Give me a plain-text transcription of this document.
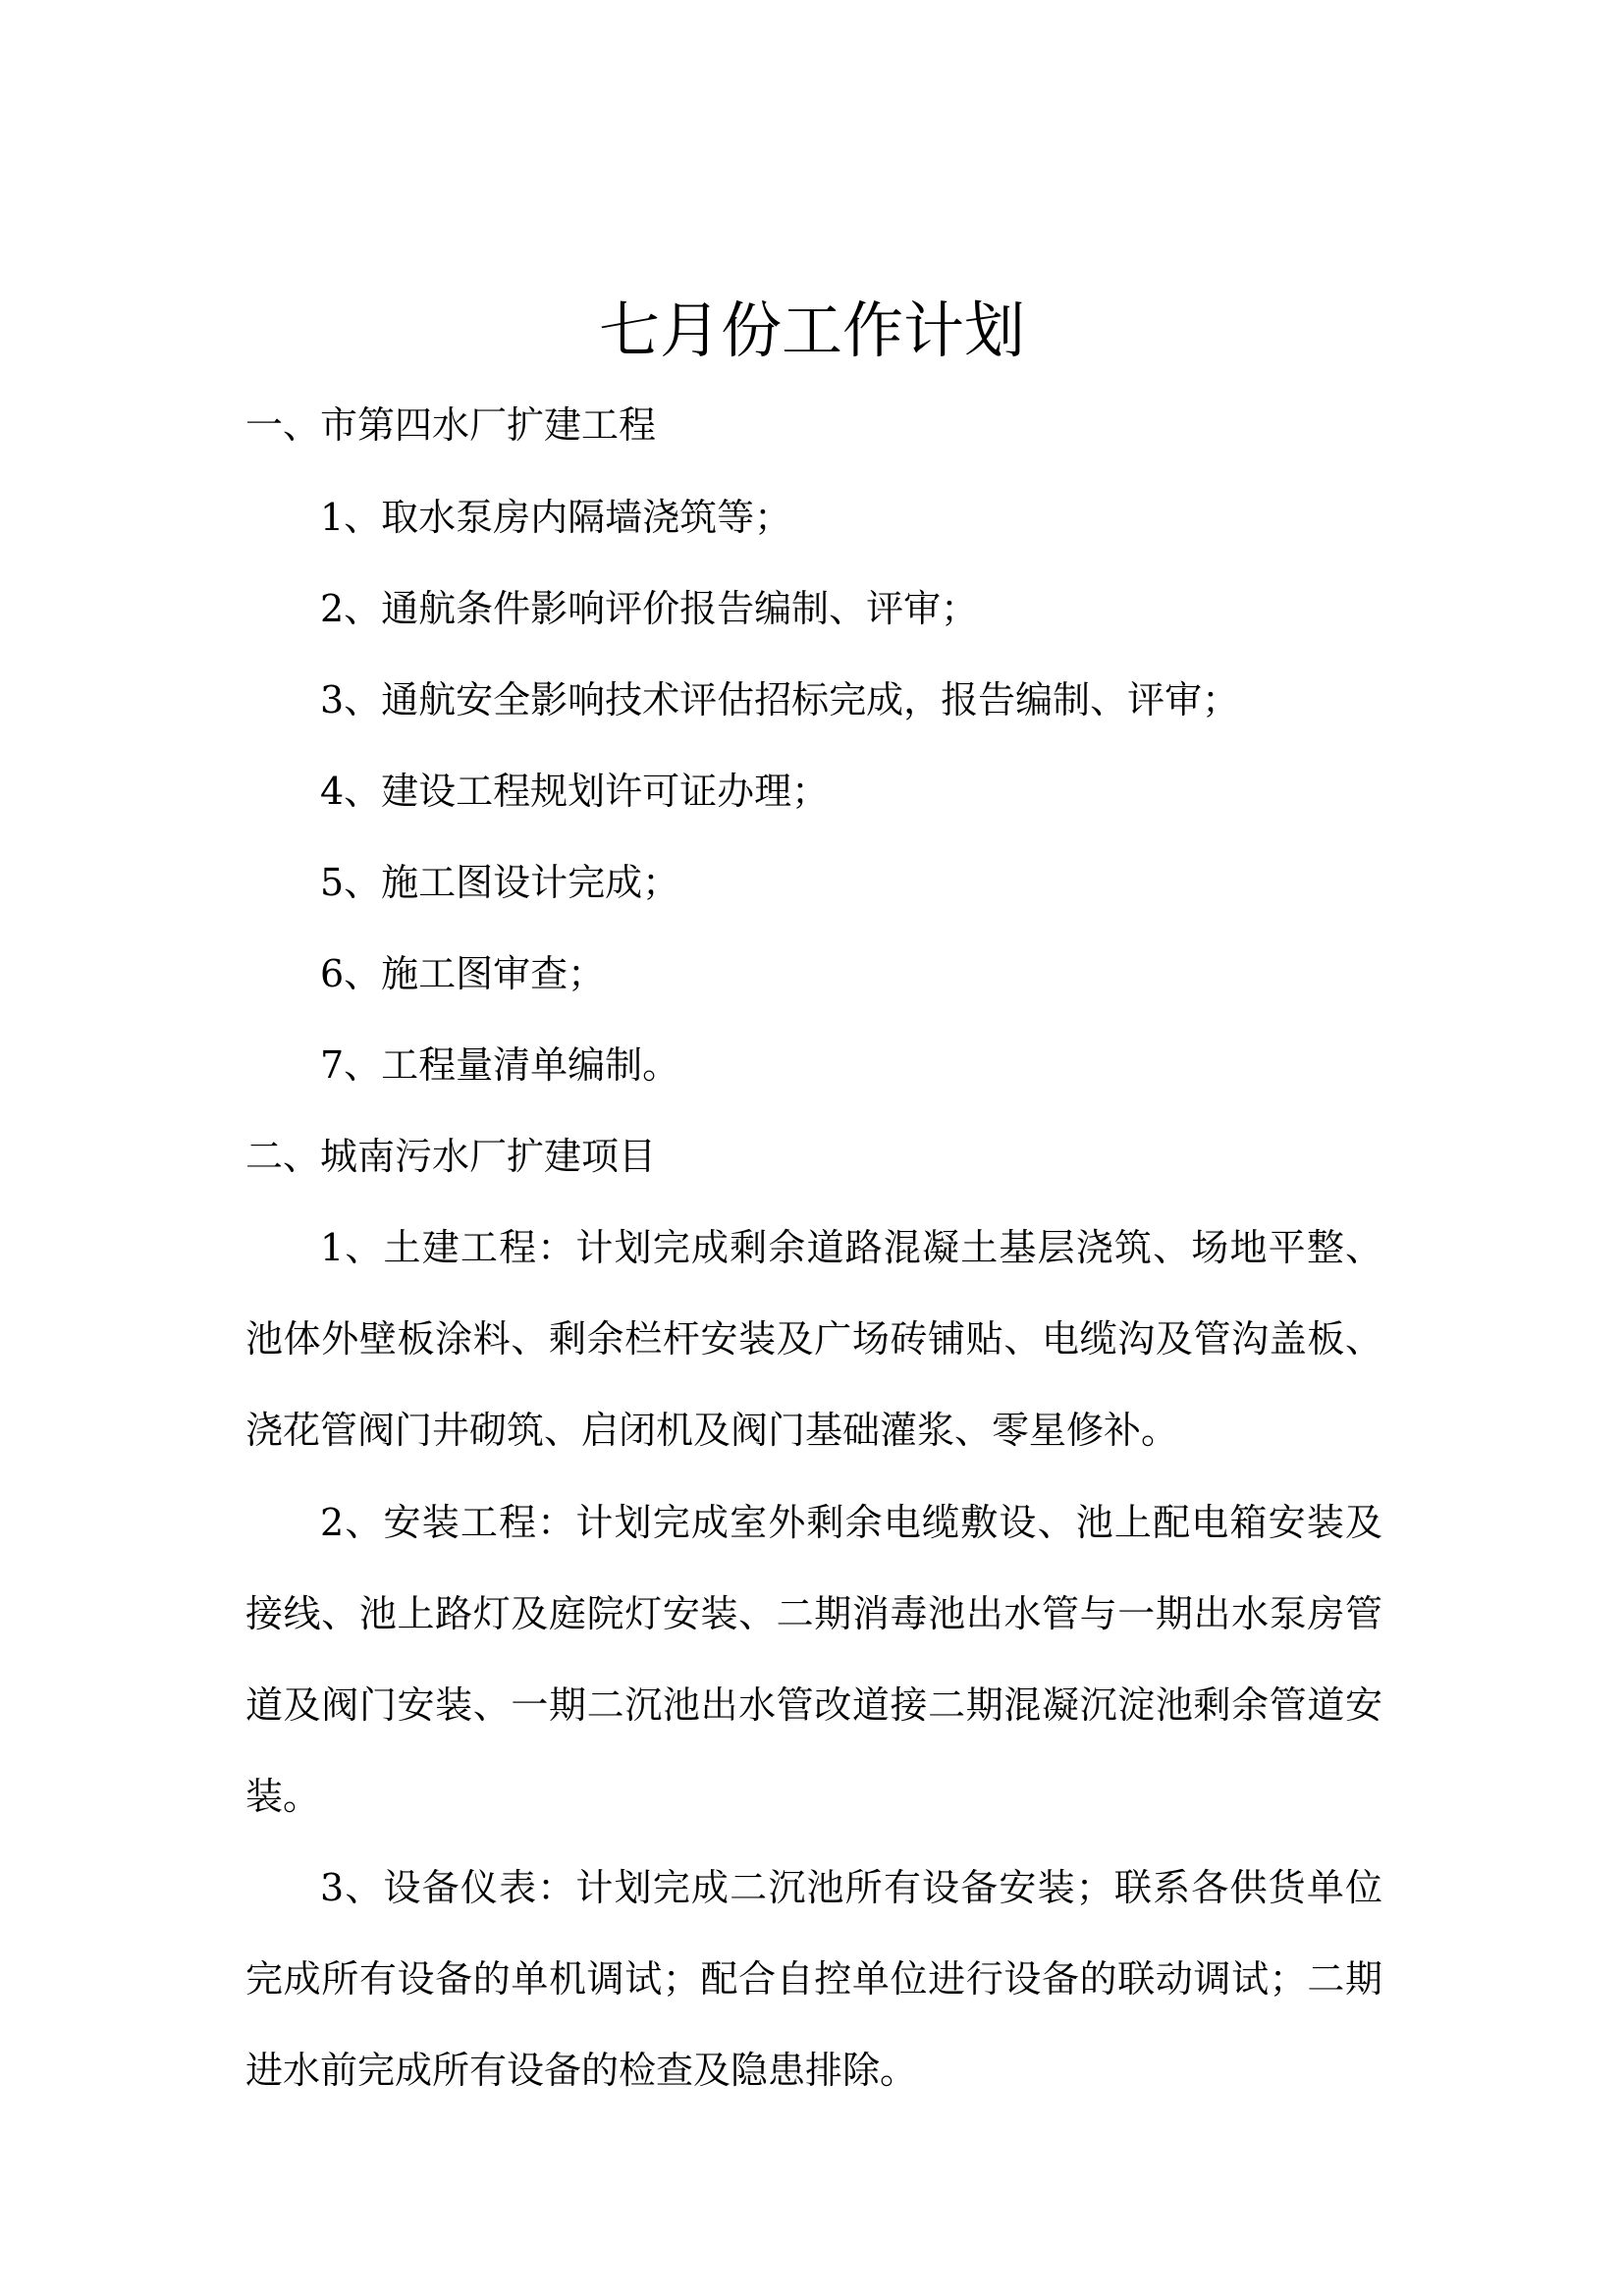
七月份工作计划
一、市第四水厂扩建工程
1、取水泵房内隔墙浇筑等；
2、通航条件影响评价报告编制、评审；
3、通航安全影响技术评估招标完成，报告编制、评审；
4、建设工程规划许可证办理；
5、施工图设计完成；
6、施工图审查；
7、工程量清单编制。
二、城南污水厂扩建项目

1、土建工程：计划完成剩余道路混凝土基层浇筑、场地平整、池体外壁板涂料、剩余栏杆安装及广场砖铺贴、电缆沟及管沟盖板、浇花管阀门井砌筑、启闭机及阀门基础灌浆、零星修补。

2、安装工程：计划完成室外剩余电缆敷设、池上配电箱安装及接线、池上路灯及庭院灯安装、二期消毒池出水管与一期出水泵房管道及阀门安装、一期二沉池出水管改道接二期混凝沉淀池剩余管道安装。

3、设备仪表：计划完成二沉池所有设备安装；联系各供货单位完成所有设备的单机调试；配合自控单位进行设备的联动调试；二期进水前完成所有设备的检查及隐患排除。
